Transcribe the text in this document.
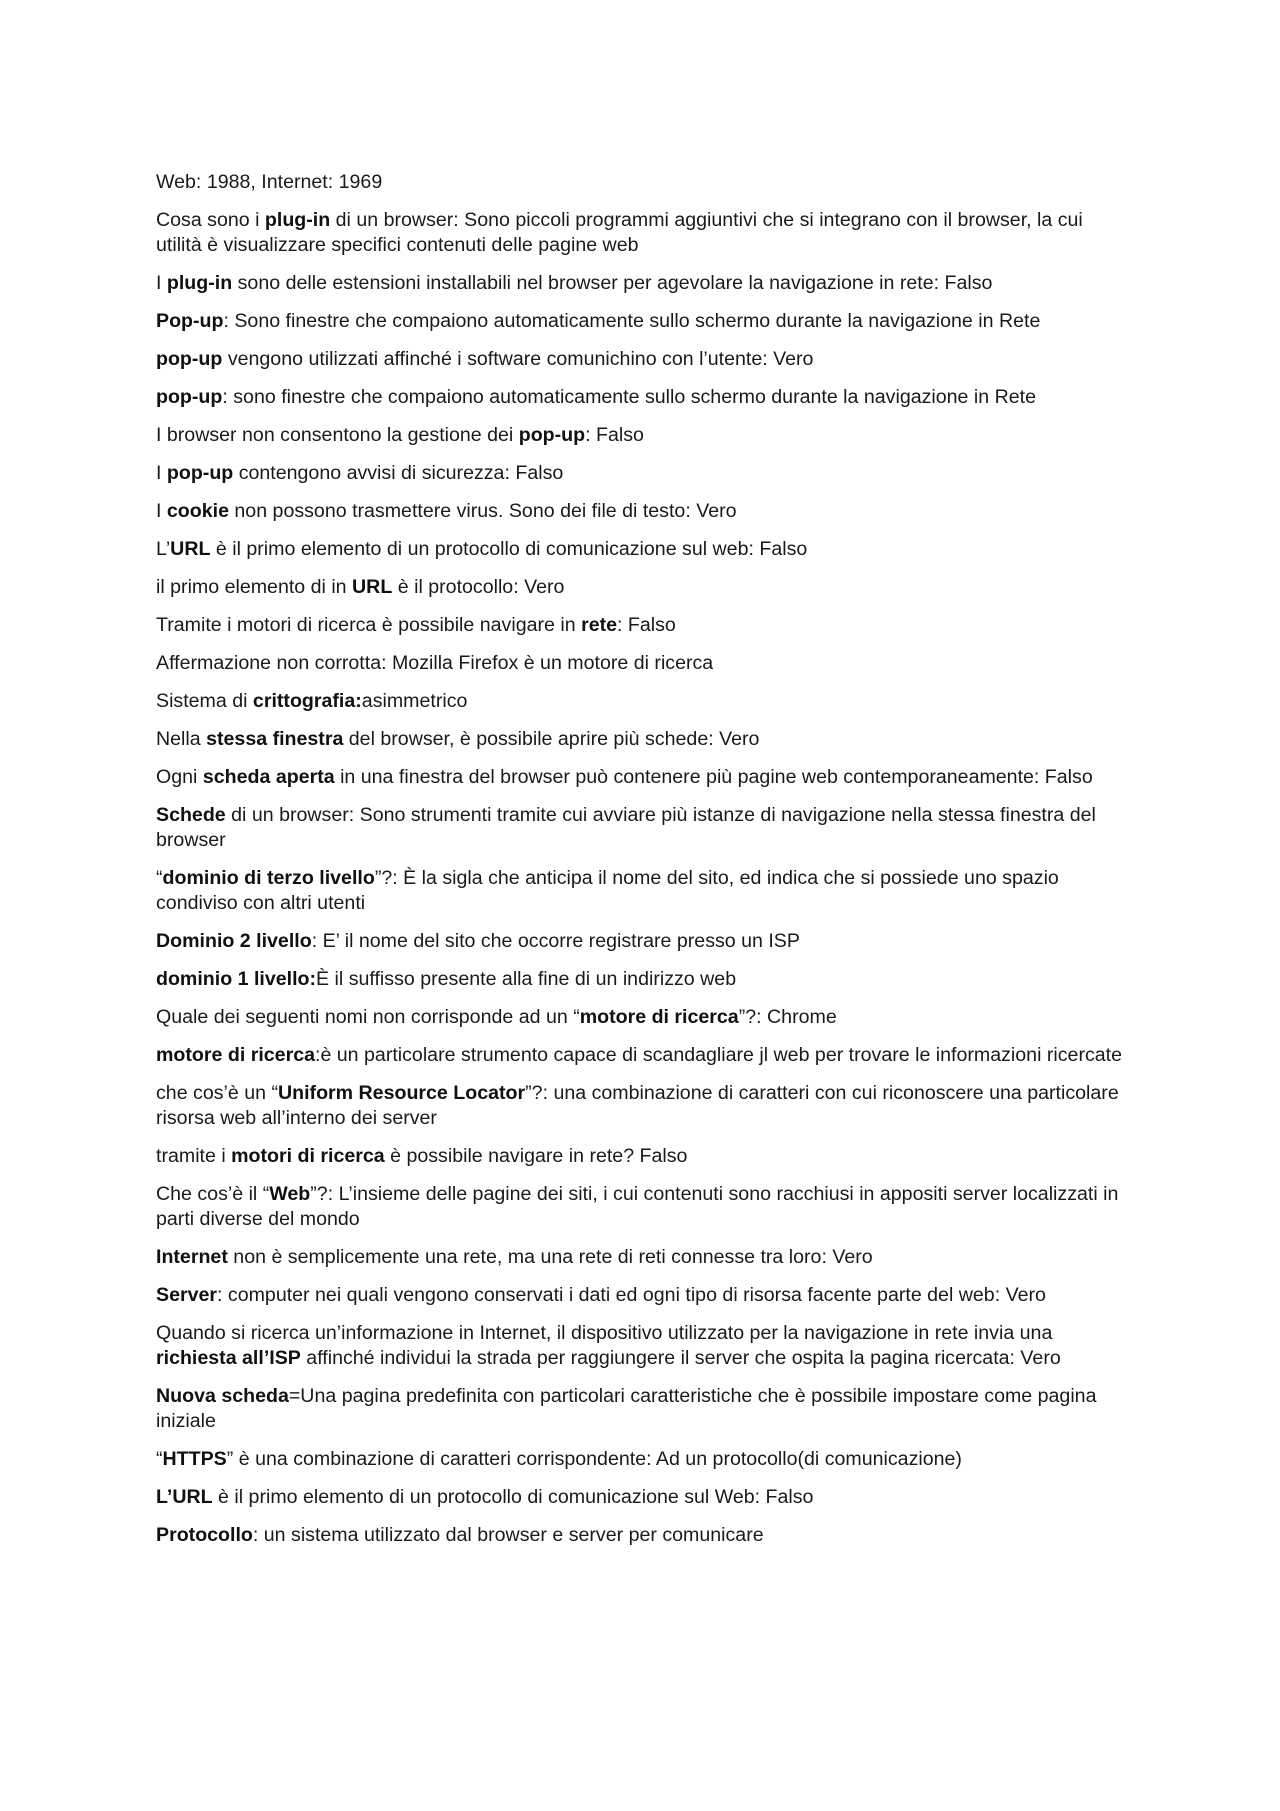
Web: 1988, Internet: 1969

Cosa sono i plug-in di un browser: Sono piccoli programmi aggiuntivi che si integrano con il browser, la cui utilità è visualizzare specifici contenuti delle pagine web

I plug-in sono delle estensioni installabili nel browser per agevolare la navigazione in rete: Falso

Pop-up: Sono finestre che compaiono automaticamente sullo schermo durante la navigazione in Rete

pop-up vengono utilizzati affinché i software comunichino con l’utente: Vero

pop-up: sono finestre che compaiono automaticamente sullo schermo durante la navigazione in Rete

I browser non consentono la gestione dei pop-up: Falso

I pop-up contengono avvisi di sicurezza: Falso

I cookie non possono trasmettere virus. Sono dei file di testo: Vero

L’URL è il primo elemento di un protocollo di comunicazione sul web: Falso

il primo elemento di in URL è il protocollo: Vero

Tramite i motori di ricerca è possibile navigare in rete: Falso

Affermazione non corrotta: Mozilla Firefox è un motore di ricerca

Sistema di crittografia:asimmetrico

Nella stessa finestra del browser, è possibile aprire più schede: Vero

Ogni scheda aperta in una finestra del browser può contenere più pagine web contemporaneamente: Falso

Schede di un browser: Sono strumenti tramite cui avviare più istanze di navigazione nella stessa finestra del browser

“dominio di terzo livello”?: È la sigla che anticipa il nome del sito, ed indica che si possiede uno spazio condiviso con altri utenti

Dominio 2 livello: E’ il nome del sito che occorre registrare presso un ISP

dominio 1 livello:È il suffisso presente alla fine di un indirizzo web

Quale dei seguenti nomi non corrisponde ad un “motore di ricerca”?: Chrome

motore di ricerca:è un particolare strumento capace di scandagliare jl web per trovare le informazioni ricercate

che cos’è un “Uniform Resource Locator”?: una combinazione di caratteri con cui riconoscere una particolare risorsa web all’interno dei server

tramite i motori di ricerca è possibile navigare in rete? Falso

Che cos’è il “Web”?: L’insieme delle pagine dei siti, i cui contenuti sono racchiusi in appositi server localizzati in parti diverse del mondo

Internet non è semplicemente una rete, ma una rete di reti connesse tra loro: Vero

Server: computer nei quali vengono conservati i dati ed ogni tipo di risorsa facente parte del web: Vero

Quando si ricerca un’informazione in Internet, il dispositivo utilizzato per la navigazione in rete invia una richiesta all’ISP affinché individui la strada per raggiungere il server che ospita la pagina ricercata: Vero

Nuova scheda=Una pagina predefinita con particolari caratteristiche che è possibile impostare come pagina iniziale

“HTTPS” è una combinazione di caratteri corrispondente: Ad un protocollo(di comunicazione)

L’URL è il primo elemento di un protocollo di comunicazione sul Web: Falso

Protocollo: un sistema utilizzato dal browser e server per comunicare
